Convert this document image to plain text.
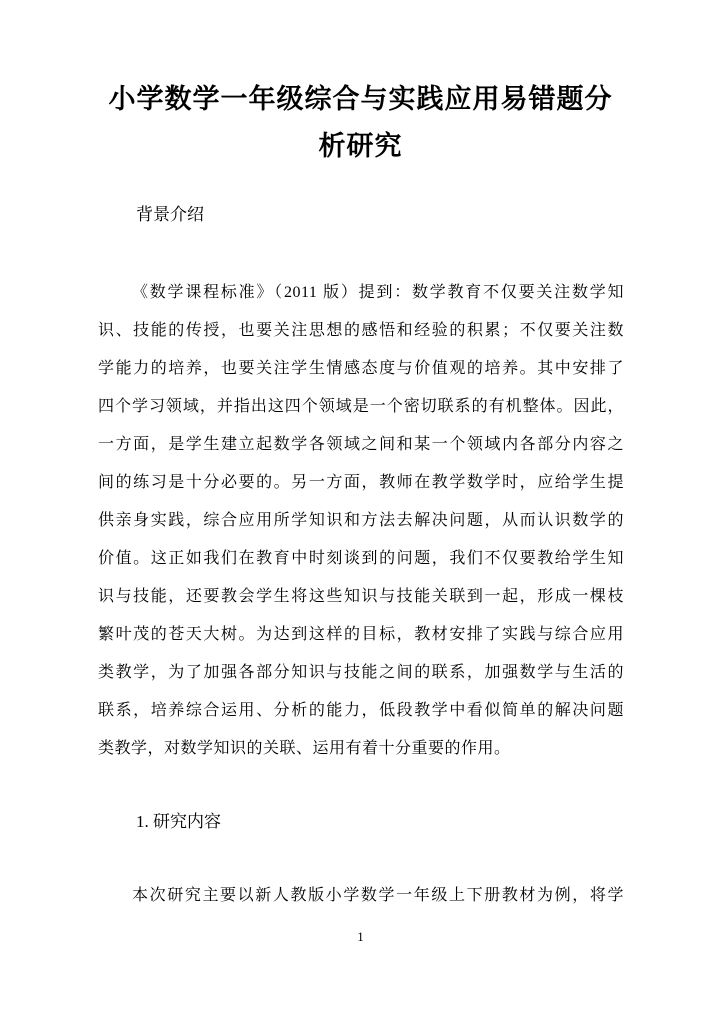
小学数学一年级综合与实践应用易错题分
析研究
背景介绍
《数学课程标准》（2011 版）提到：数学教育不仅要关注数学知
识、技能的传授，也要关注思想的感悟和经验的积累；不仅要关注数
学能力的培养，也要关注学生情感态度与价值观的培养。其中安排了
四个学习领域，并指出这四个领域是一个密切联系的有机整体。因此，
一方面，是学生建立起数学各领域之间和某一个领域内各部分内容之
间的练习是十分必要的。另一方面，教师在教学数学时，应给学生提
供亲身实践，综合应用所学知识和方法去解决问题，从而认识数学的
价值。这正如我们在教育中时刻谈到的问题，我们不仅要教给学生知
识与技能，还要教会学生将这些知识与技能关联到一起，形成一棵枝
繁叶茂的苍天大树。为达到这样的目标，教材安排了实践与综合应用
类教学，为了加强各部分知识与技能之间的联系，加强数学与生活的
联系，培养综合运用、分析的能力，低段教学中看似简单的解决问题
类教学，对数学知识的关联、运用有着十分重要的作用。
1. 研究内容
本次研究主要以新人教版小学数学一年级上下册教材为例，将学
1
